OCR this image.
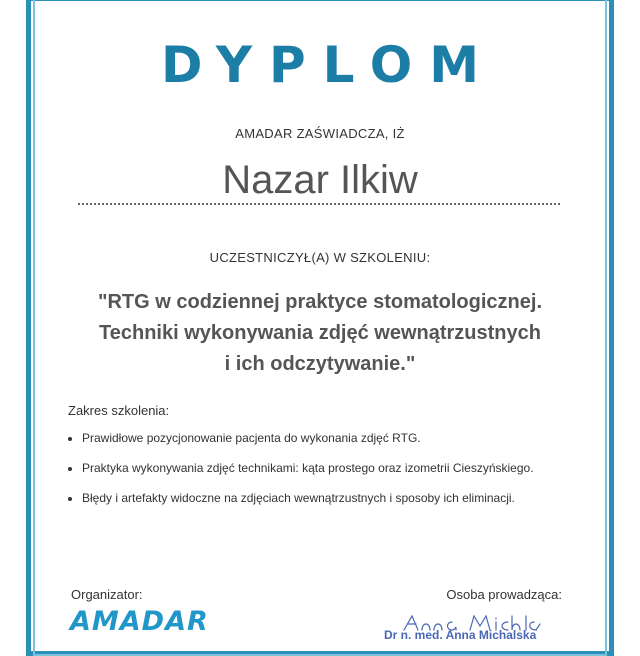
DYPLOM
AMADAR ZAŚWIADCZA, IŻ
Nazar Ilkiw
UCZESTNICZYŁ(A) W SZKOLENIU:
"RTG w codziennej praktyce stomatologicznej.
Techniki wykonywania zdjęć wewnątrzustnych
i ich odczytywanie."
Zakres szkolenia:
Prawidłowe pozycjonowanie pacjenta do wykonania zdjęć RTG.
Praktyka wykonywania zdjęć technikami: kąta prostego oraz izometrii Cieszyńskiego.
Błędy i artefakty widoczne na zdjęciach wewnątrzustnych i sposoby ich eliminacji.
Organizator:
AMADAR
Osoba prowadząca:
Dr n. med. Anna Michalska
